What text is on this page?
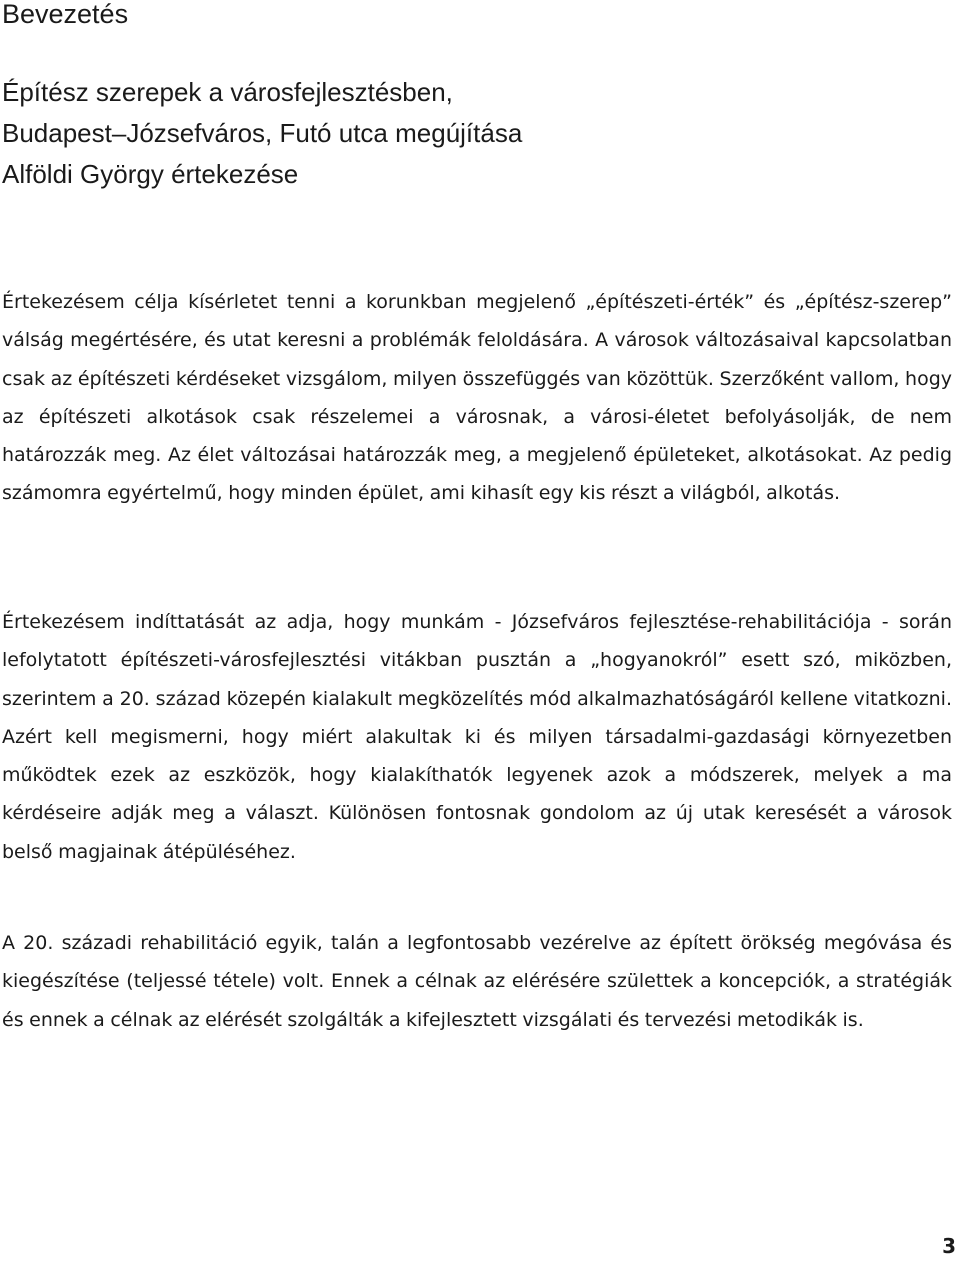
Bevezetés
Építész szerepek a városfejlesztésben,
Budapest–Józsefváros, Futó utca megújítása
Alföldi György értekezése

Értekezésem célja kísérletet tenni a korunkban megjelenő „építészeti-érték” és „építész-szerep” válság megértésére, és utat keresni a problémák feloldására. A városok változásaival kapcsolatban csak az építészeti kérdéseket vizsgálom, milyen összefüggés van közöttük. Szerzőként vallom, hogy az építészeti alkotások csak részelemei a városnak, a városi-életet befolyásolják, de nem határozzák meg. Az élet változásai határozzák meg, a megjelenő épületeket, alkotásokat. Az pedig számomra egyértelmű, hogy minden épület, ami kihasít egy kis részt a világból, alkotás.

Értekezésem indíttatását az adja, hogy munkám - Józsefváros fejlesztése-rehabilitációja - során lefolytatott építészeti-városfejlesztési vitákban pusztán a „hogyanokról” esett szó, miközben, szerintem a 20. század közepén kialakult megközelítés mód alkalmazhatóságáról kellene vitatkozni. Azért kell megismerni, hogy miért alakultak ki és milyen társadalmi-gazdasági környezetben működtek ezek az eszközök, hogy kialakíthatók legyenek azok a módszerek, melyek a ma kérdéseire adják meg a választ. Különösen fontosnak gondolom az új utak keresését a városok belső magjainak átépüléséhez.

A 20. századi rehabilitáció egyik, talán a legfontosabb vezérelve az épített örökség megóvása és kiegészítése (teljessé tétele) volt. Ennek a célnak az elérésére születtek a koncepciók, a stratégiák és ennek a célnak az elérését szolgálták a kifejlesztett vizsgálati és tervezési metodikák is.

3
